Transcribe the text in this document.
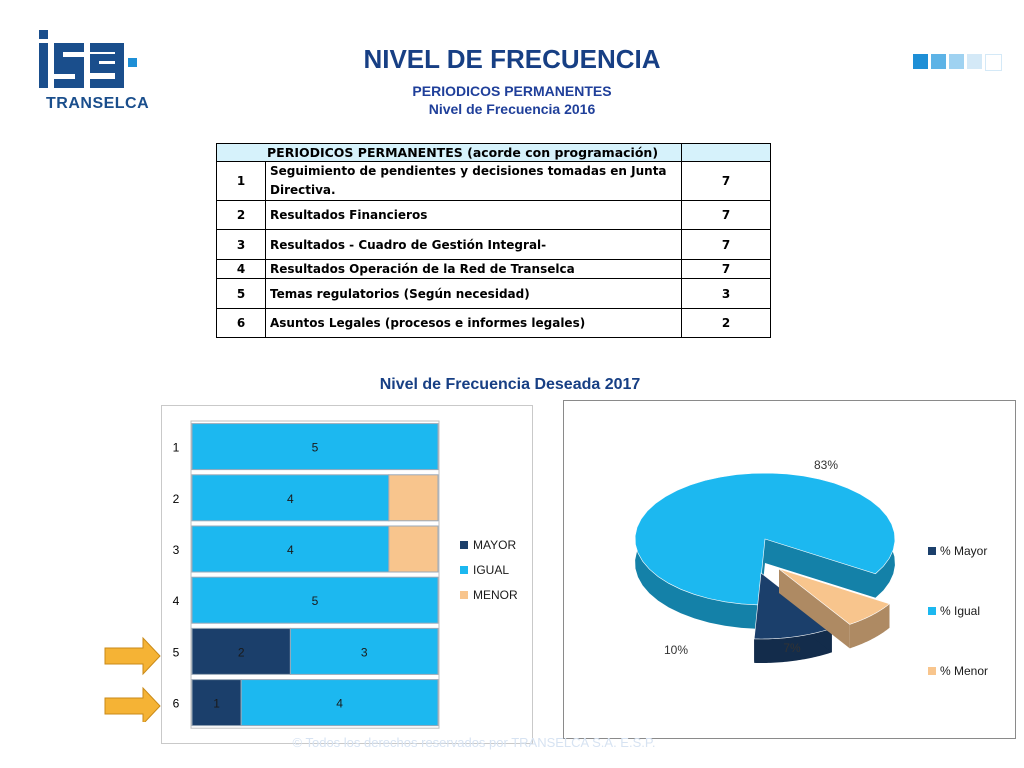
TRANSELCA
NIVEL DE FRECUENCIA
PERIODICOS PERMANENTES
Nivel de Frecuencia 2016
PERIODICOS PERMANENTES (acorde con programación)		
1	Seguimiento de pendientes y decisiones tomadas en Junta Directiva.	7
2	Resultados Financieros	7
3	Resultados - Cuadro de Gestión Integral-	7
4	Resultados Operación de la Red de Transelca	7
5	Temas regulatorios (Según necesidad)	3
6	Asuntos Legales (procesos e informes legales)	2
Nivel de Frecuencia Deseada 2017
1	5
2	4
3	4
4	5
5	2	3
6	1	4
MAYOR
IGUAL
MENOR
10%
83%
7%
% Mayor
% Igual
% Menor
© Todos los derechos reservados por TRANSELCA S.A. E.S.P.
